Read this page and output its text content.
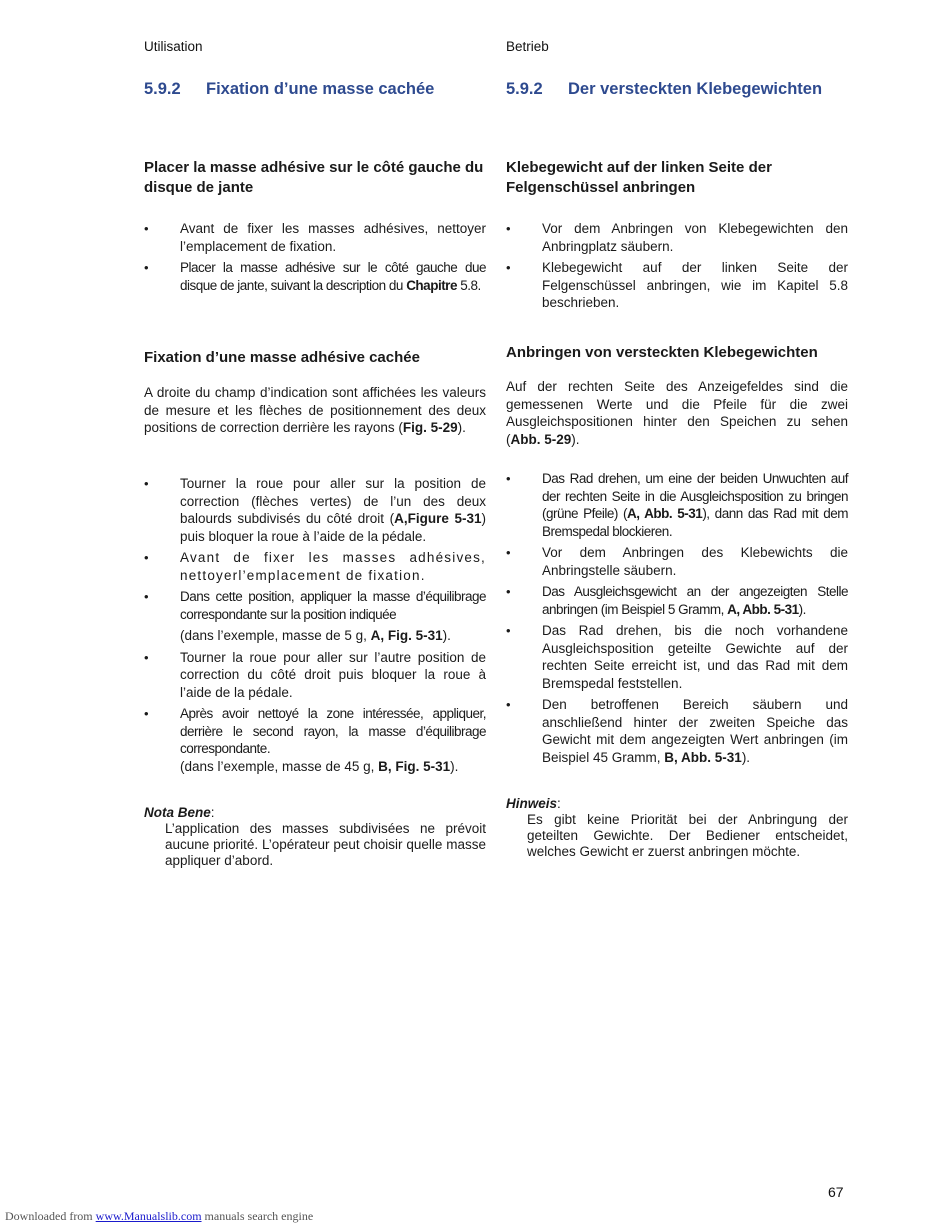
Utilisation
5.9.2 Fixation d’une masse cachée

Placer la masse adhésive sur le côté gauche du disque de jante

• Avant de fixer les masses adhésives, nettoyer l’emplacement de fixation.
• Placer la masse adhésive sur le côté gauche due disque de jante, suivant la description du Chapitre 5.8.

Fixation d’une masse adhésive cachée

A droite du champ d’indication sont affichées les valeurs de mesure et les flèches de positionnement des deux positions de correction derrière les rayons (Fig. 5-29).

• Tourner la roue pour aller sur la position de correction (flèches vertes) de l’un des deux balourds subdivisés du côté droit (A,Figure 5-31) puis bloquer la roue à l’aide de la pédale.
• Avant de fixer les masses adhésives, nettoyerl’emplacement de fixation.
• Dans cette position, appliquer la masse d’équilibrage correspondante sur la position indiquée
(dans l’exemple, masse de 5 g, A, Fig. 5-31).
• Tourner la roue pour aller sur l’autre position de correction du côté droit puis bloquer la roue à l’aide de la pédale.
• Après avoir nettoyé la zone intéressée, appliquer, derrière le second rayon, la masse d’équilibrage correspondante.
(dans l’exemple, masse de 45 g, B, Fig. 5-31).

Nota Bene:

L’application des masses subdivisées ne prévoit aucune priorité. L’opérateur peut choisir quelle masse appliquer d’abord.

Betrieb
5.9.2 Der versteckten Klebegewichten

Klebegewicht auf der linken Seite der Felgenschüssel anbringen

• Vor dem Anbringen von Klebegewichten den Anbringplatz säubern.
• Klebegewicht auf der linken Seite der Felgenschüssel anbringen, wie im Kapitel 5.8 beschrieben.

Anbringen von versteckten Klebegewichten

Auf der rechten Seite des Anzeigefeldes sind die gemessenen Werte und die Pfeile für die zwei Ausgleichspositionen hinter den Speichen zu sehen (Abb. 5-29).

• Das Rad drehen, um eine der beiden Unwuchten auf der rechten Seite in die Ausgleichsposition zu bringen (grüne Pfeile) (A, Abb. 5-31), dann das Rad mit dem Bremspedal blockieren.
• Vor dem Anbringen des Klebewichts die Anbringstelle säubern.
• Das Ausgleichsgewicht an der angezeigten Stelle anbringen (im Beispiel 5 Gramm, A, Abb. 5-31).
• Das Rad drehen, bis die noch vorhandene Ausgleichsposition geteilte Gewichte auf der rechten Seite erreicht ist, und das Rad mit dem Bremspedal feststellen.
• Den betroffenen Bereich säubern und anschließend hinter der zweiten Speiche das Gewicht mit dem angezeigten Wert anbringen (im Beispiel 45 Gramm, B, Abb. 5-31).

Hinweis:

Es gibt keine Priorität bei der Anbringung der geteilten Gewichte. Der Bediener entscheidet, welches Gewicht er zuerst anbringen möchte.

67
Downloaded from www.Manualslib.com manuals search engine
